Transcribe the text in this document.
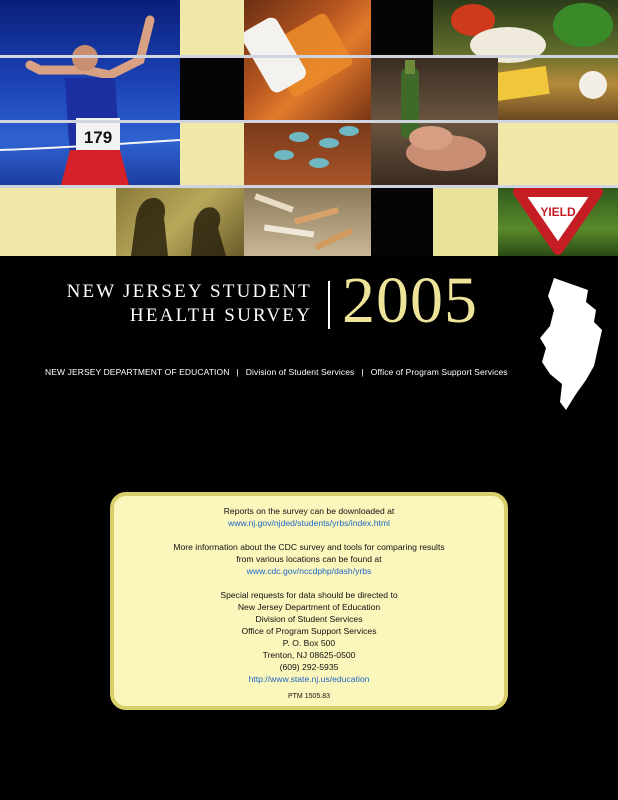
179
YIELD
NEW JERSEY STUDENT
HEALTH SURVEY 2005
NEW JERSEY DEPARTMENT OF EDUCATION | Division of Student Services | Office of Program Support Services

Reports on the survey can be downloaded at

www.nj.gov/njded/students/yrbs/index.html

More information about the CDC survey and tools for comparing results

from various locations can be found at

www.cdc.gov/nccdphp/dash/yrbs

Special requests for data should be directed to

New Jersey Department of Education

Division of Student Services

Office of Program Support Services

P. O. Box 500

Trenton, NJ 08625-0500

(609) 292-5935

http://www.state.nj.us/education

PTM 1505.83
